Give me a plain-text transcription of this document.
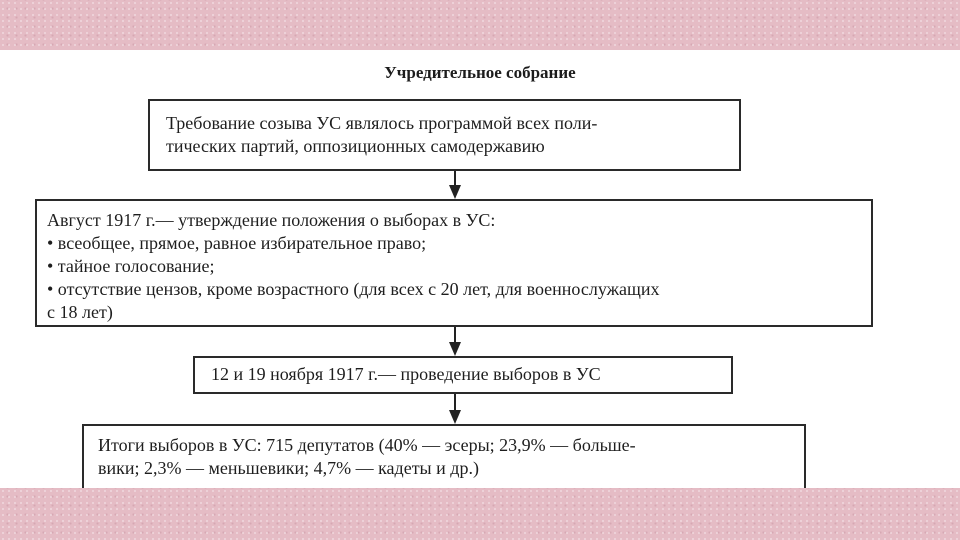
Учредительное собрание
Требование созыва УС являлось программой всех поли-
тических партий, оппозиционных самодержавию
Август 1917 г.— утверждение положения о выборах в УС:
• всеобщее, прямое, равное избирательное право;
• тайное голосование;
• отсутствие цензов, кроме возрастного (для всех с 20 лет, для военнослужащих
с 18 лет)
12 и 19 ноября 1917 г.— проведение выборов в УС
Итоги выборов в УС: 715 депутатов (40% — эсеры; 23,9% — больше-
вики; 2,3% — меньшевики; 4,7% — кадеты и др.)
